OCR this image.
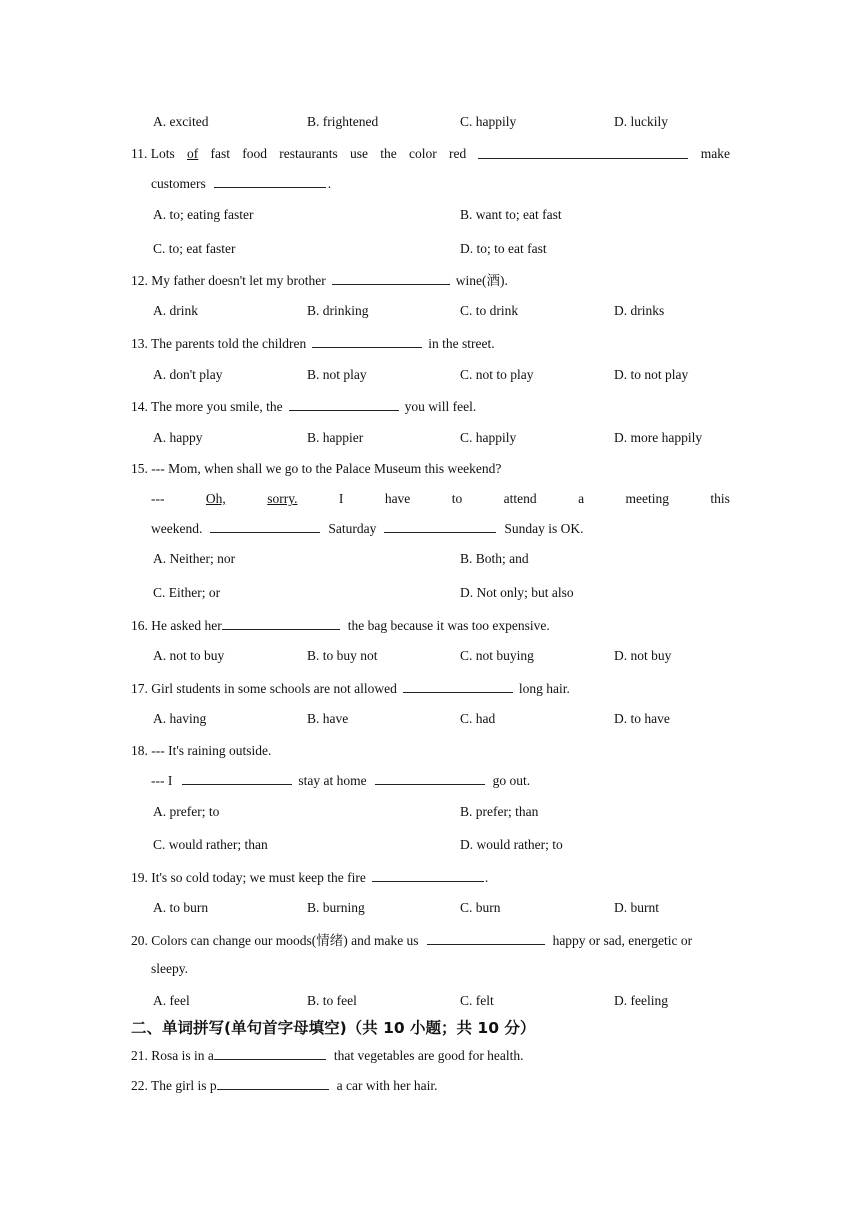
A. excited	B. frightened	C. happily	D. luckily
11. Lots of fast food restaurants use the color red	make
customers	.
A. to; eating faster	B. want to; eat fast
C. to; eat faster	D. to; to eat fast
12. My father doesn't let my brother	wine(酒).
A. drink	B. drinking	C. to drink	D. drinks
13. The parents told the children	in the street.
A. don't play	B. not play	C. not to play	D. to not play
14. The more you smile, the	you will feel.
A. happy	B. happier	C. happily	D. more happily
15. --- Mom, when shall we go to the Palace Museum this weekend?
---	Oh,	sorry.	I	have	to	attend	a	meeting	this
weekend.	Saturday	Sunday is OK.
A. Neither; nor	B. Both; and
C. Either; or	D. Not only; but also
16. He asked her	the bag because it was too expensive.
A. not to buy	B. to buy not	C. not buying	D. not buy
17. Girl students in some schools are not allowed	long hair.
A. having	B. have	C. had	D. to have
18. --- It's raining outside.
--- I	stay at home	go out.
A. prefer; to	B. prefer; than
C. would rather; than	D. would rather; to
19. It's so cold today; we must keep the fire	.
A. to burn	B. burning	C. burn	D. burnt
20. Colors can change our moods(情绪) and make us	happy or sad, energetic or
sleepy.
A. feel	B. to feel	C. felt	D. feeling
二、单词拼写(单句首字母填空)（共 10 小题；共 10 分）
21. Rosa is in a	that vegetables are good for health.
22. The girl is p	a car with her hair.
